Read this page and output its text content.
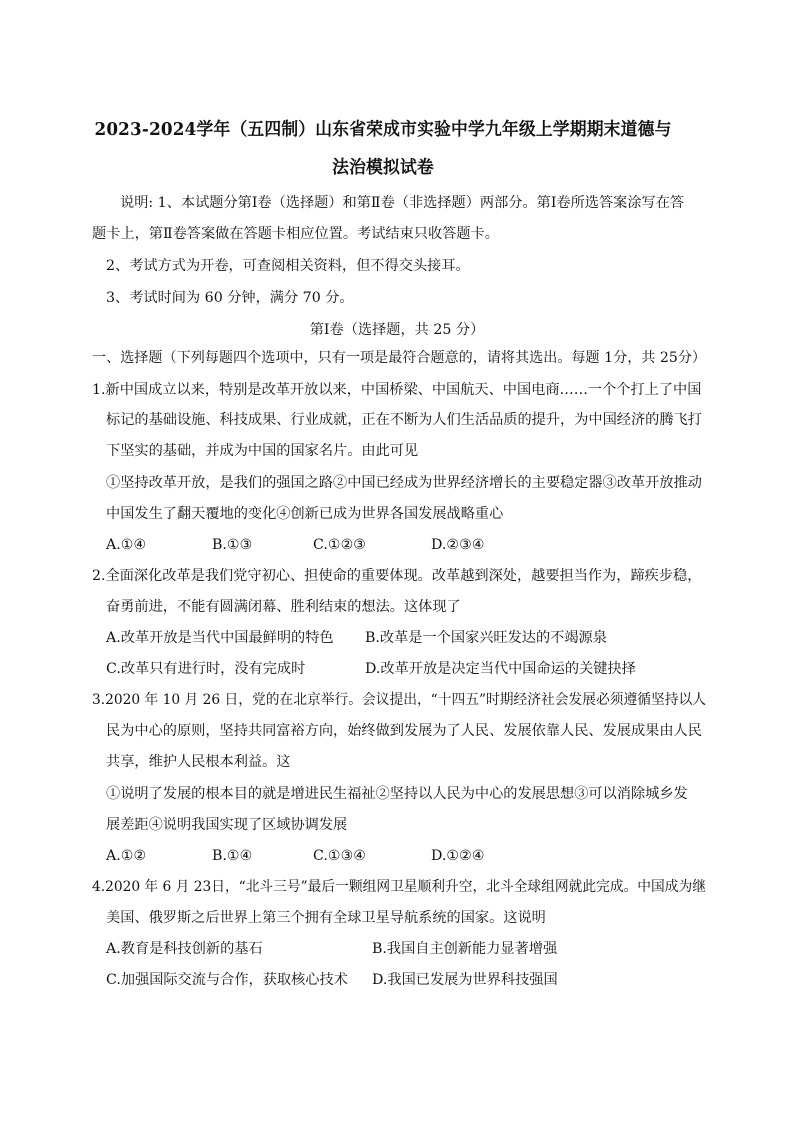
2023-2024学年（五四制）山东省荣成市实验中学九年级上学期期末道德与
法治模拟试卷
说明: 1、本试题分第Ⅰ卷（选择题）和第Ⅱ卷（非选择题）两部分。第Ⅰ卷所选答案涂写在答
题卡上，第Ⅱ卷答案做在答题卡相应位置。考试结束只收答题卡。
2、考试方式为开卷，可查阅相关资料，但不得交头接耳。
3、考试时间为 60 分钟，满分 70 分。
第Ⅰ卷（选择题，共 25 分）
一、选择题（下列每题四个选项中，只有一项是最符合题意的，请将其选出。每题 1分，共 25分）
1.新中国成立以来，特别是改革开放以来，中国桥梁、中国航天、中国电商……一个个打上了中国
标记的基础设施、科技成果、行业成就，正在不断为人们生活品质的提升，为中国经济的腾飞打
下坚实的基础，并成为中国的国家名片。由此可见
①坚持改革开放，是我们的强国之路②中国已经成为世界经济增长的主要稳定器③改革开放推动
中国发生了翻天覆地的变化④创新已成为世界各国发展战略重心
A.①④	B.①③	C.①②③	D.②③④
2.全面深化改革是我们党守初心、担使命的重要体现。改革越到深处，越要担当作为，蹄疾步稳，
奋勇前进，不能有圆满闭幕、胜利结束的想法。这体现了
A.改革开放是当代中国最鲜明的特色 B.改革是一个国家兴旺发达的不竭源泉
C.改革只有进行时，没有完成时	D.改革开放是决定当代中国命运的关键抉择
3.2020 年 10 月 26 日，党的在北京举行。会议提出，“十四五”时期经济社会发展必须遵循坚持以人
民为中心的原则，坚持共同富裕方向，始终做到发展为了人民、发展依靠人民、发展成果由人民
共享，维护人民根本利益。这
①说明了发展的根本目的就是增进民生福祉②坚持以人民为中心的发展思想③可以消除城乡发
展差距④说明我国实现了区域协调发展
A.①②	B.①④	C.①③④	D.①②④
4.2020 年 6 月 23日，“北斗三号”最后一颗组网卫星顺利升空，北斗全球组网就此完成。中国成为继
美国、俄罗斯之后世界上第三个拥有全球卫星导航系统的国家。这说明
A.教育是科技创新的基石	B.我国自主创新能力显著增强
C.加强国际交流与合作，获取核心技术 D.我国已发展为世界科技强国
